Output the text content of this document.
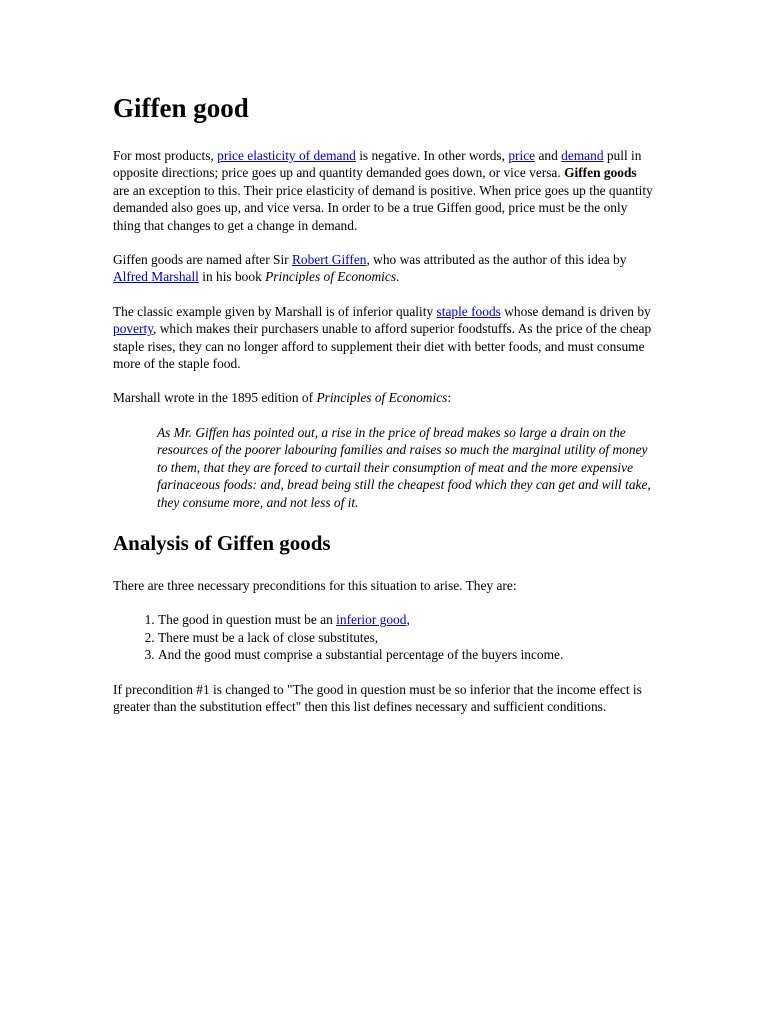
Giffen good

For most products, price elasticity of demand is negative. In other words, price and demand pull in opposite directions; price goes up and quantity demanded goes down, or vice versa. Giffen goods are an exception to this. Their price elasticity of demand is positive. When price goes up the quantity demanded also goes up, and vice versa. In order to be a true Giffen good, price must be the only thing that changes to get a change in demand.

Giffen goods are named after Sir Robert Giffen, who was attributed as the author of this idea by Alfred Marshall in his book Principles of Economics.

The classic example given by Marshall is of inferior quality staple foods whose demand is driven by poverty, which makes their purchasers unable to afford superior foodstuffs. As the price of the cheap staple rises, they can no longer afford to supplement their diet with better foods, and must consume more of the staple food.

Marshall wrote in the 1895 edition of Principles of Economics:

As Mr. Giffen has pointed out, a rise in the price of bread makes so large a drain on the resources of the poorer labouring families and raises so much the marginal utility of money to them, that they are forced to curtail their consumption of meat and the more expensive farinaceous foods: and, bread being still the cheapest food which they can get and will take, they consume more, and not less of it.
Analysis of Giffen goods

There are three necessary preconditions for this situation to arise. They are:

1. The good in question must be an inferior good,
2. There must be a lack of close substitutes,
3. And the good must comprise a substantial percentage of the buyers income.

If precondition #1 is changed to "The good in question must be so inferior that the income effect is greater than the substitution effect" then this list defines necessary and sufficient conditions.
